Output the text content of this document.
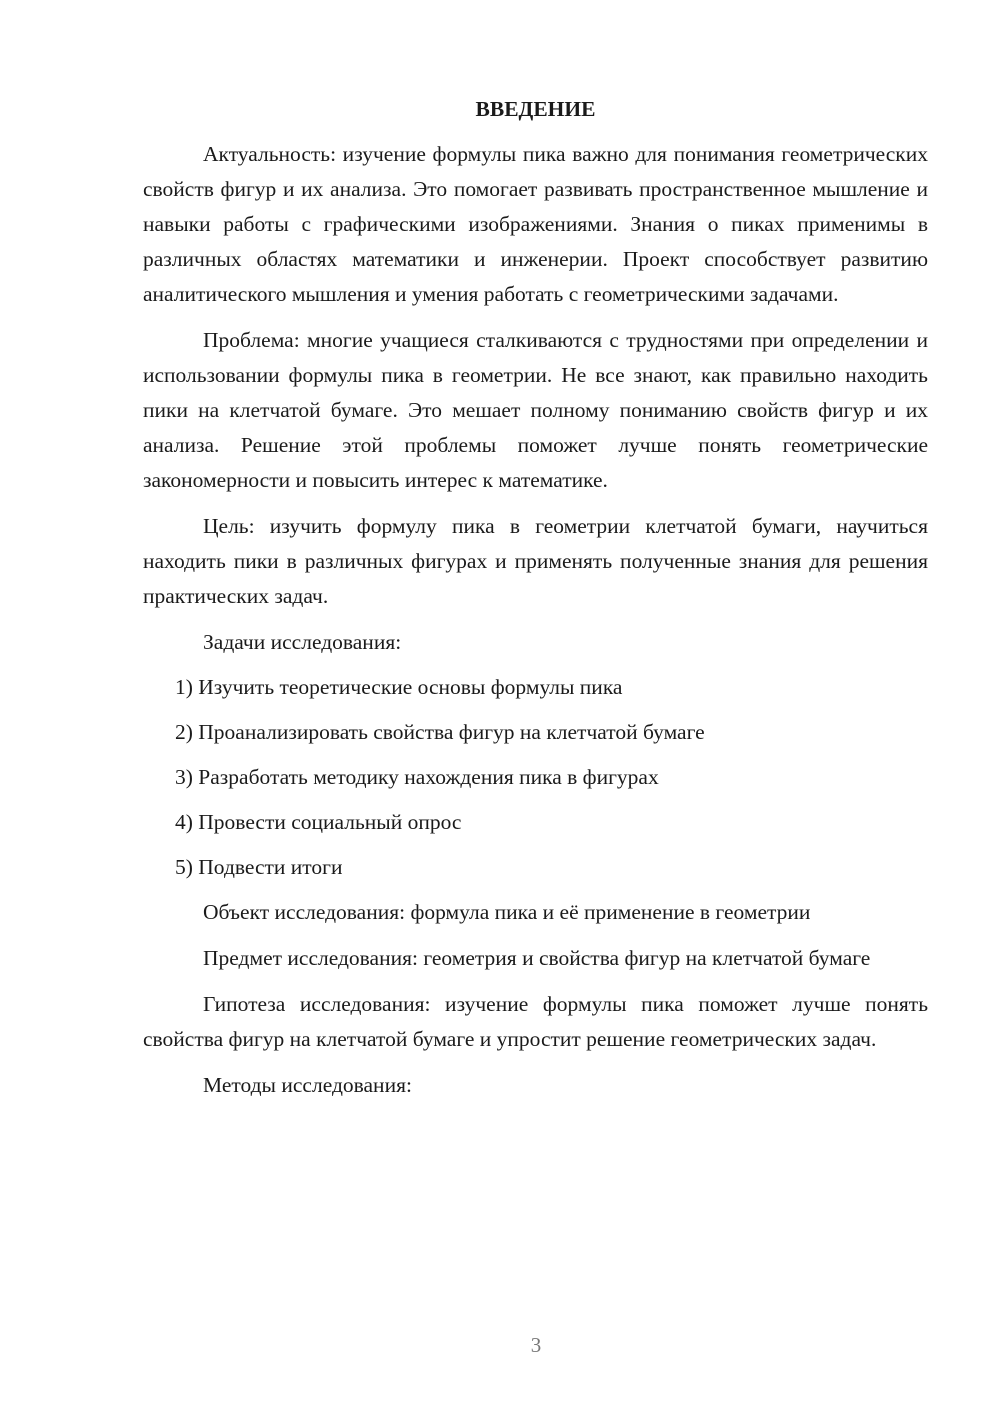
ВВЕДЕНИЕ

Актуальность: изучение формулы пика важно для понимания геометрических свойств фигур и их анализа. Это помогает развивать пространственное мышление и навыки работы с графическими изображениями. Знания о пиках применимы в различных областях математики и инженерии. Проект способствует развитию аналитического мышления и умения работать с геометрическими задачами.

Проблема: многие учащиеся сталкиваются с трудностями при определении и использовании формулы пика в геометрии. Не все знают, как правильно находить пики на клетчатой бумаге. Это мешает полному пониманию свойств фигур и их анализа. Решение этой проблемы поможет лучше понять геометрические закономерности и повысить интерес к математике.

Цель: изучить формулу пика в геометрии клетчатой бумаги, научиться находить пики в различных фигурах и применять полученные знания для решения практических задач.

Задачи исследования:

1) Изучить теоретические основы формулы пика

2) Проанализировать свойства фигур на клетчатой бумаге

3) Разработать методику нахождения пика в фигурах

4) Провести социальный опрос

5) Подвести итоги

Объект исследования: формула пика и её применение в геометрии

Предмет исследования: геометрия и свойства фигур на клетчатой бумаге

Гипотеза исследования: изучение формулы пика поможет лучше понять свойства фигур на клетчатой бумаге и упростит решение геометрических задач.

Методы исследования:

3
